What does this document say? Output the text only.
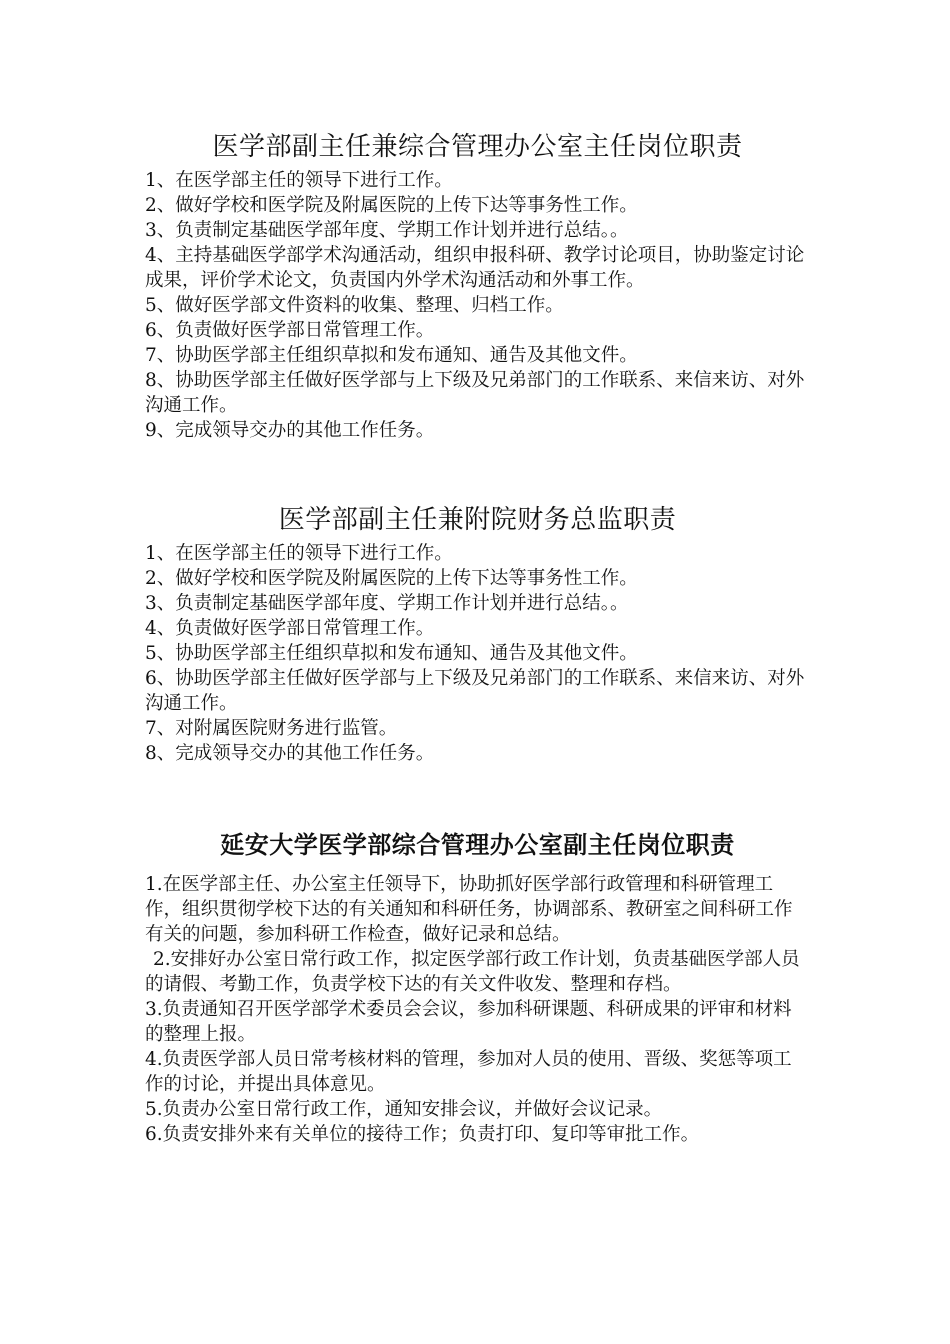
医学部副主任兼综合管理办公室主任岗位职责
1、在医学部主任的领导下进行工作。
2、做好学校和医学院及附属医院的上传下达等事务性工作。
3、负责制定基础医学部年度、学期工作计划并进行总结。。
4、主持基础医学部学术沟通活动，组织申报科研、教学讨论项目，协助鉴定讨论成果，评价学术论文，负责国内外学术沟通活动和外事工作。
5、做好医学部文件资料的收集、整理、归档工作。
6、负责做好医学部日常管理工作。
7、协助医学部主任组织草拟和发布通知、通告及其他文件。
8、协助医学部主任做好医学部与上下级及兄弟部门的工作联系、来信来访、对外沟通工作。
9、完成领导交办的其他工作任务。
医学部副主任兼附院财务总监职责
1、在医学部主任的领导下进行工作。
2、做好学校和医学院及附属医院的上传下达等事务性工作。
3、负责制定基础医学部年度、学期工作计划并进行总结。。
4、负责做好医学部日常管理工作。
5、协助医学部主任组织草拟和发布通知、通告及其他文件。
6、协助医学部主任做好医学部与上下级及兄弟部门的工作联系、来信来访、对外沟通工作。
7、对附属医院财务进行监管。
8、完成领导交办的其他工作任务。
延安大学医学部综合管理办公室副主任岗位职责
1.在医学部主任、办公室主任领导下，协助抓好医学部行政管理和科研管理工作，组织贯彻学校下达的有关通知和科研任务，协调部系、教研室之间科研工作有关的问题，参加科研工作检查，做好记录和总结。
2.安排好办公室日常行政工作，拟定医学部行政工作计划，负责基础医学部人员的请假、考勤工作，负责学校下达的有关文件收发、整理和存档。
3.负责通知召开医学部学术委员会会议，参加科研课题、科研成果的评审和材料的整理上报。
4.负责医学部人员日常考核材料的管理，参加对人员的使用、晋级、奖惩等项工作的讨论，并提出具体意见。
5.负责办公室日常行政工作，通知安排会议，并做好会议记录。
6.负责安排外来有关单位的接待工作；负责打印、复印等审批工作。
